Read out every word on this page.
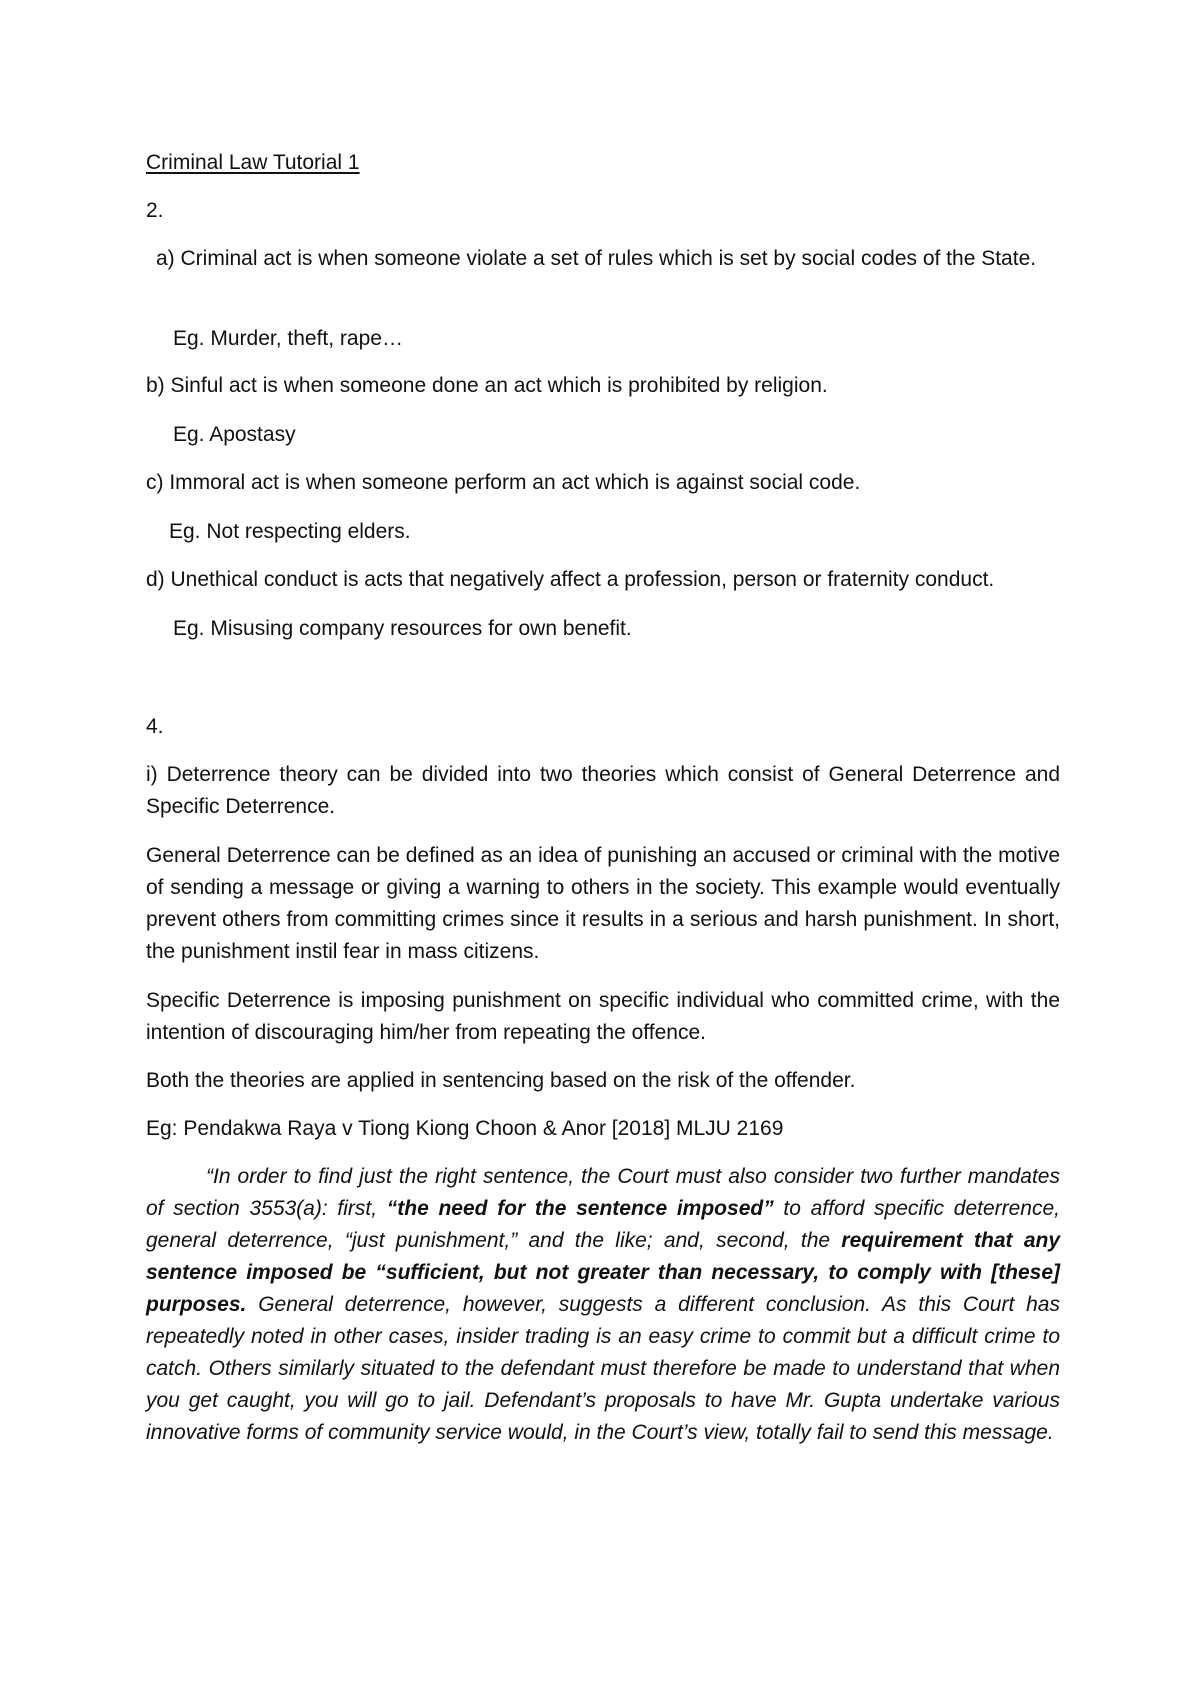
Criminal Law Tutorial 1
2.
a) Criminal act is when someone violate a set of rules which is set by social codes of the State.
Eg. Murder, theft, rape…
b) Sinful act is when someone done an act which is prohibited by religion.
Eg. Apostasy
c) Immoral act is when someone perform an act which is against social code.
Eg. Not respecting elders.
d) Unethical conduct is acts that negatively affect a profession, person or fraternity conduct.
Eg. Misusing company resources for own benefit.
4.
i) Deterrence theory can be divided into two theories which consist of General Deterrence and Specific Deterrence.
General Deterrence can be defined as an idea of punishing an accused or criminal with the motive of sending a message or giving a warning to others in the society. This example would eventually prevent others from committing crimes since it results in a serious and harsh punishment. In short, the punishment instil fear in mass citizens.
Specific Deterrence is imposing punishment on specific individual who committed crime, with the intention of discouraging him/her from repeating the offence.
Both the theories are applied in sentencing based on the risk of the offender.
Eg: Pendakwa Raya v Tiong Kiong Choon & Anor [2018] MLJU 2169
“In order to find just the right sentence, the Court must also consider two further mandates of section 3553(a): first, “the need for the sentence imposed” to afford specific deterrence, general deterrence, “just punishment,” and the like; and, second, the requirement that any sentence imposed be “sufficient, but not greater than necessary, to comply with [these] purposes. General deterrence, however, suggests a different conclusion. As this Court has repeatedly noted in other cases, insider trading is an easy crime to commit but a difficult crime to catch. Others similarly situated to the defendant must therefore be made to understand that when you get caught, you will go to jail. Defendant’s proposals to have Mr. Gupta undertake various innovative forms of community service would, in the Court’s view, totally fail to send this message.
